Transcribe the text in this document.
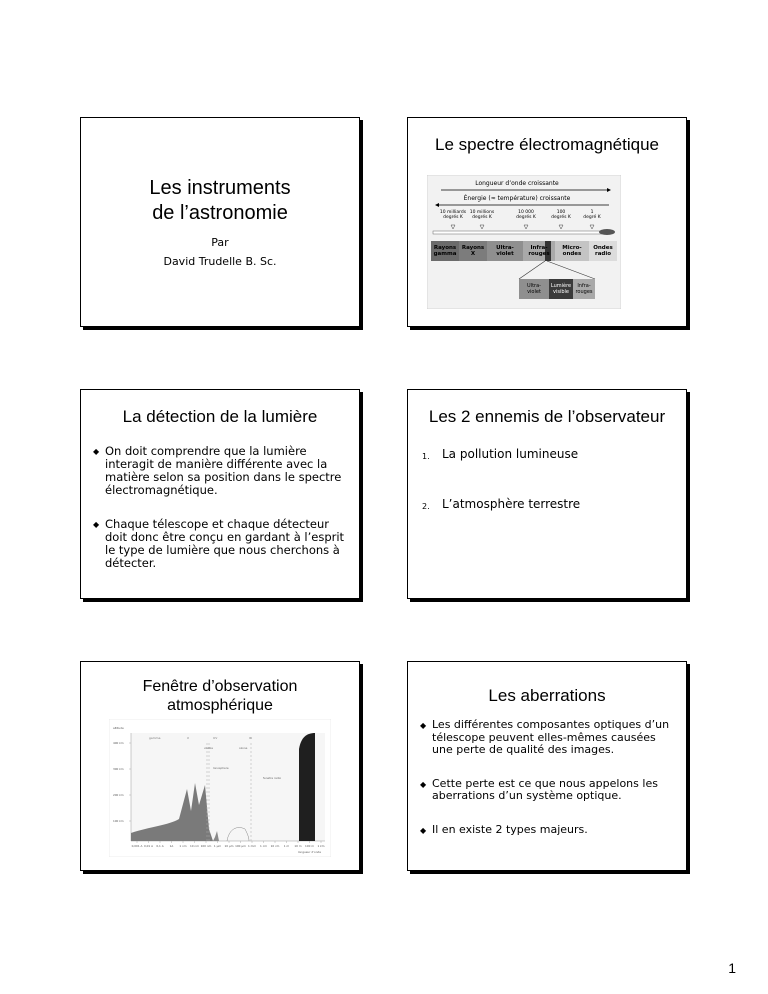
Les instruments
de l’astronomie
Par
David Trudelle B. Sc.
Le spectre électromagnétique
Longueur d’onde croissante
Énergie (≈ température) croissante
10 milliards degrés K
10 millions degrés K
10 000 degrés K
100 degrés K
1 degré K
Rayons gamma
Rayons X
Ultra-violet
Infra-rouges
Micro-ondes
Ondes radio
Ultra-violet
Lumière visible
Infra-rouges
La détection de la lumière
◆ On doit comprendre que la lumière interagit de manière différente avec la matière selon sa position dans le spectre électromagnétique.
◆ Chaque télescope et chaque détecteur doit donc être conçu en gardant à l’esprit le type de lumière que nous cherchons à détecter.
Les 2 ennemis de l’observateur
1. La pollution lumineuse
2. L’atmosphère terrestre
Fenêtre d’observation
atmosphérique
altitude
400 km
300 km
200 km
100 km
0,001 A 0,01 A 0,1 A 1A 1 nm 10 nm 100 nm 1 µm 10 µm 100 µm 1 mm 1 cm 10 cm 1 m 10 m 100 m 1 km
longueur d’onde
gamma	X	UV	IR
visible	ozone
Ionosphere
fenetre radio
Les aberrations
◆ Les différentes composantes optiques d’un télescope peuvent elles-mêmes causées une perte de qualité des images.
◆ Cette perte est ce que nous appelons les aberrations d’un système optique.
◆ Il en existe 2 types majeurs.
1
